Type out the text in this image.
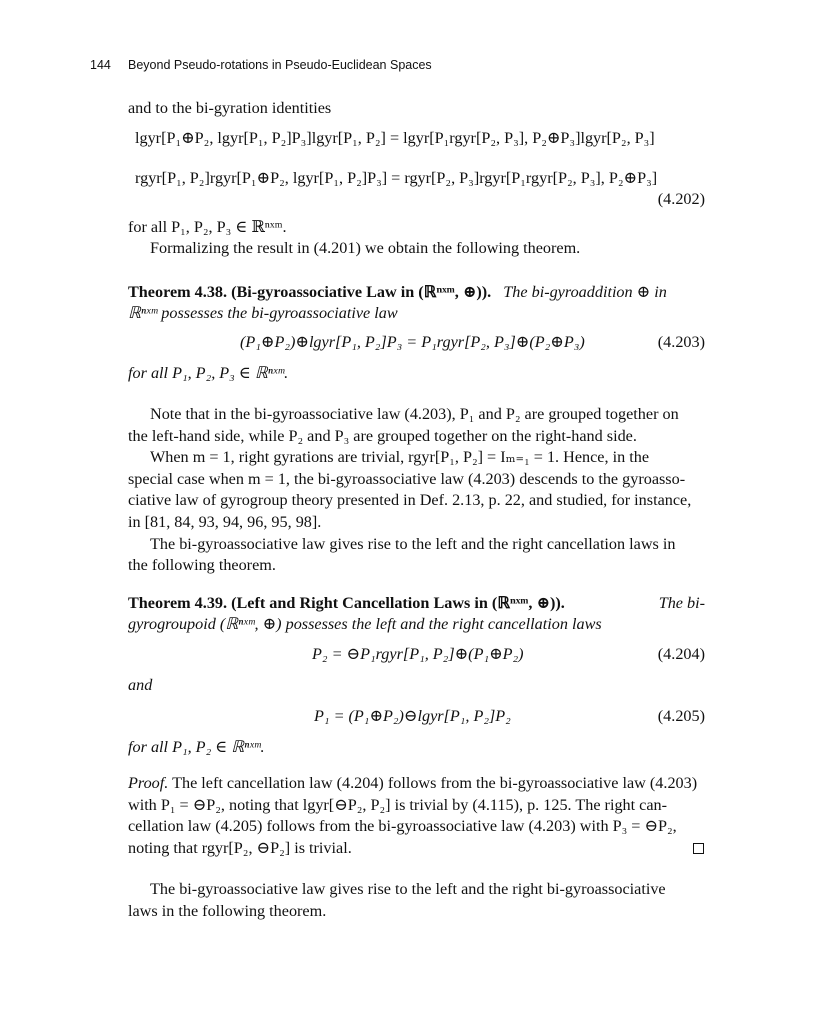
144 Beyond Pseudo-rotations in Pseudo-Euclidean Spaces
and to the bi-gyration identities
lgyr[P₁⊕P₂, lgyr[P₁, P₂]P₃]lgyr[P₁, P₂] = lgyr[P₁rgyr[P₂, P₃], P₂⊕P₃]lgyr[P₂, P₃]
rgyr[P₁, P₂]rgyr[P₁⊕P₂, lgyr[P₁, P₂]P₃] = rgyr[P₂, P₃]rgyr[P₁rgyr[P₂, P₃], P₂⊕P₃]
(4.202)
for all P₁, P₂, P₃ ∈ ℝⁿˣᵐ.
Formalizing the result in (4.201) we obtain the following theorem.
Theorem 4.38. (Bi-gyroassociative Law in (ℝⁿˣᵐ, ⊕)). The bi-gyroaddition ⊕ in
ℝⁿˣᵐ possesses the bi-gyroassociative law
(P₁⊕P₂)⊕lgyr[P₁, P₂]P₃ = P₁rgyr[P₂, P₃]⊕(P₂⊕P₃)	(4.203)
for all P₁, P₂, P₃ ∈ ℝⁿˣᵐ.
Note that in the bi-gyroassociative law (4.203), P₁ and P₂ are grouped together on
the left-hand side, while P₂ and P₃ are grouped together on the right-hand side.
When m = 1, right gyrations are trivial, rgyr[P₁, P₂] = Iₘ₌₁ = 1. Hence, in the
special case when m = 1, the bi-gyroassociative law (4.203) descends to the gyroasso-
ciative law of gyrogroup theory presented in Def. 2.13, p. 22, and studied, for instance,
in [81, 84, 93, 94, 96, 95, 98].
The bi-gyroassociative law gives rise to the left and the right cancellation laws in
the following theorem.
Theorem 4.39. (Left and Right Cancellation Laws in (ℝⁿˣᵐ, ⊕)).	The bi-
gyrogroupoid (ℝⁿˣᵐ, ⊕) possesses the left and the right cancellation laws
P₂ = ⊖P₁rgyr[P₁, P₂]⊕(P₁⊕P₂)	(4.204)
and
P₁ = (P₁⊕P₂)⊖lgyr[P₁, P₂]P₂	(4.205)
for all P₁, P₂ ∈ ℝⁿˣᵐ.
Proof. The left cancellation law (4.204) follows from the bi-gyroassociative law (4.203)
with P₁ = ⊖P₂, noting that lgyr[⊖P₂, P₂] is trivial by (4.115), p. 125. The right can-
cellation law (4.205) follows from the bi-gyroassociative law (4.203) with P₃ = ⊖P₂,
noting that rgyr[P₂, ⊖P₂] is trivial.
The bi-gyroassociative law gives rise to the left and the right bi-gyroassociative
laws in the following theorem.
